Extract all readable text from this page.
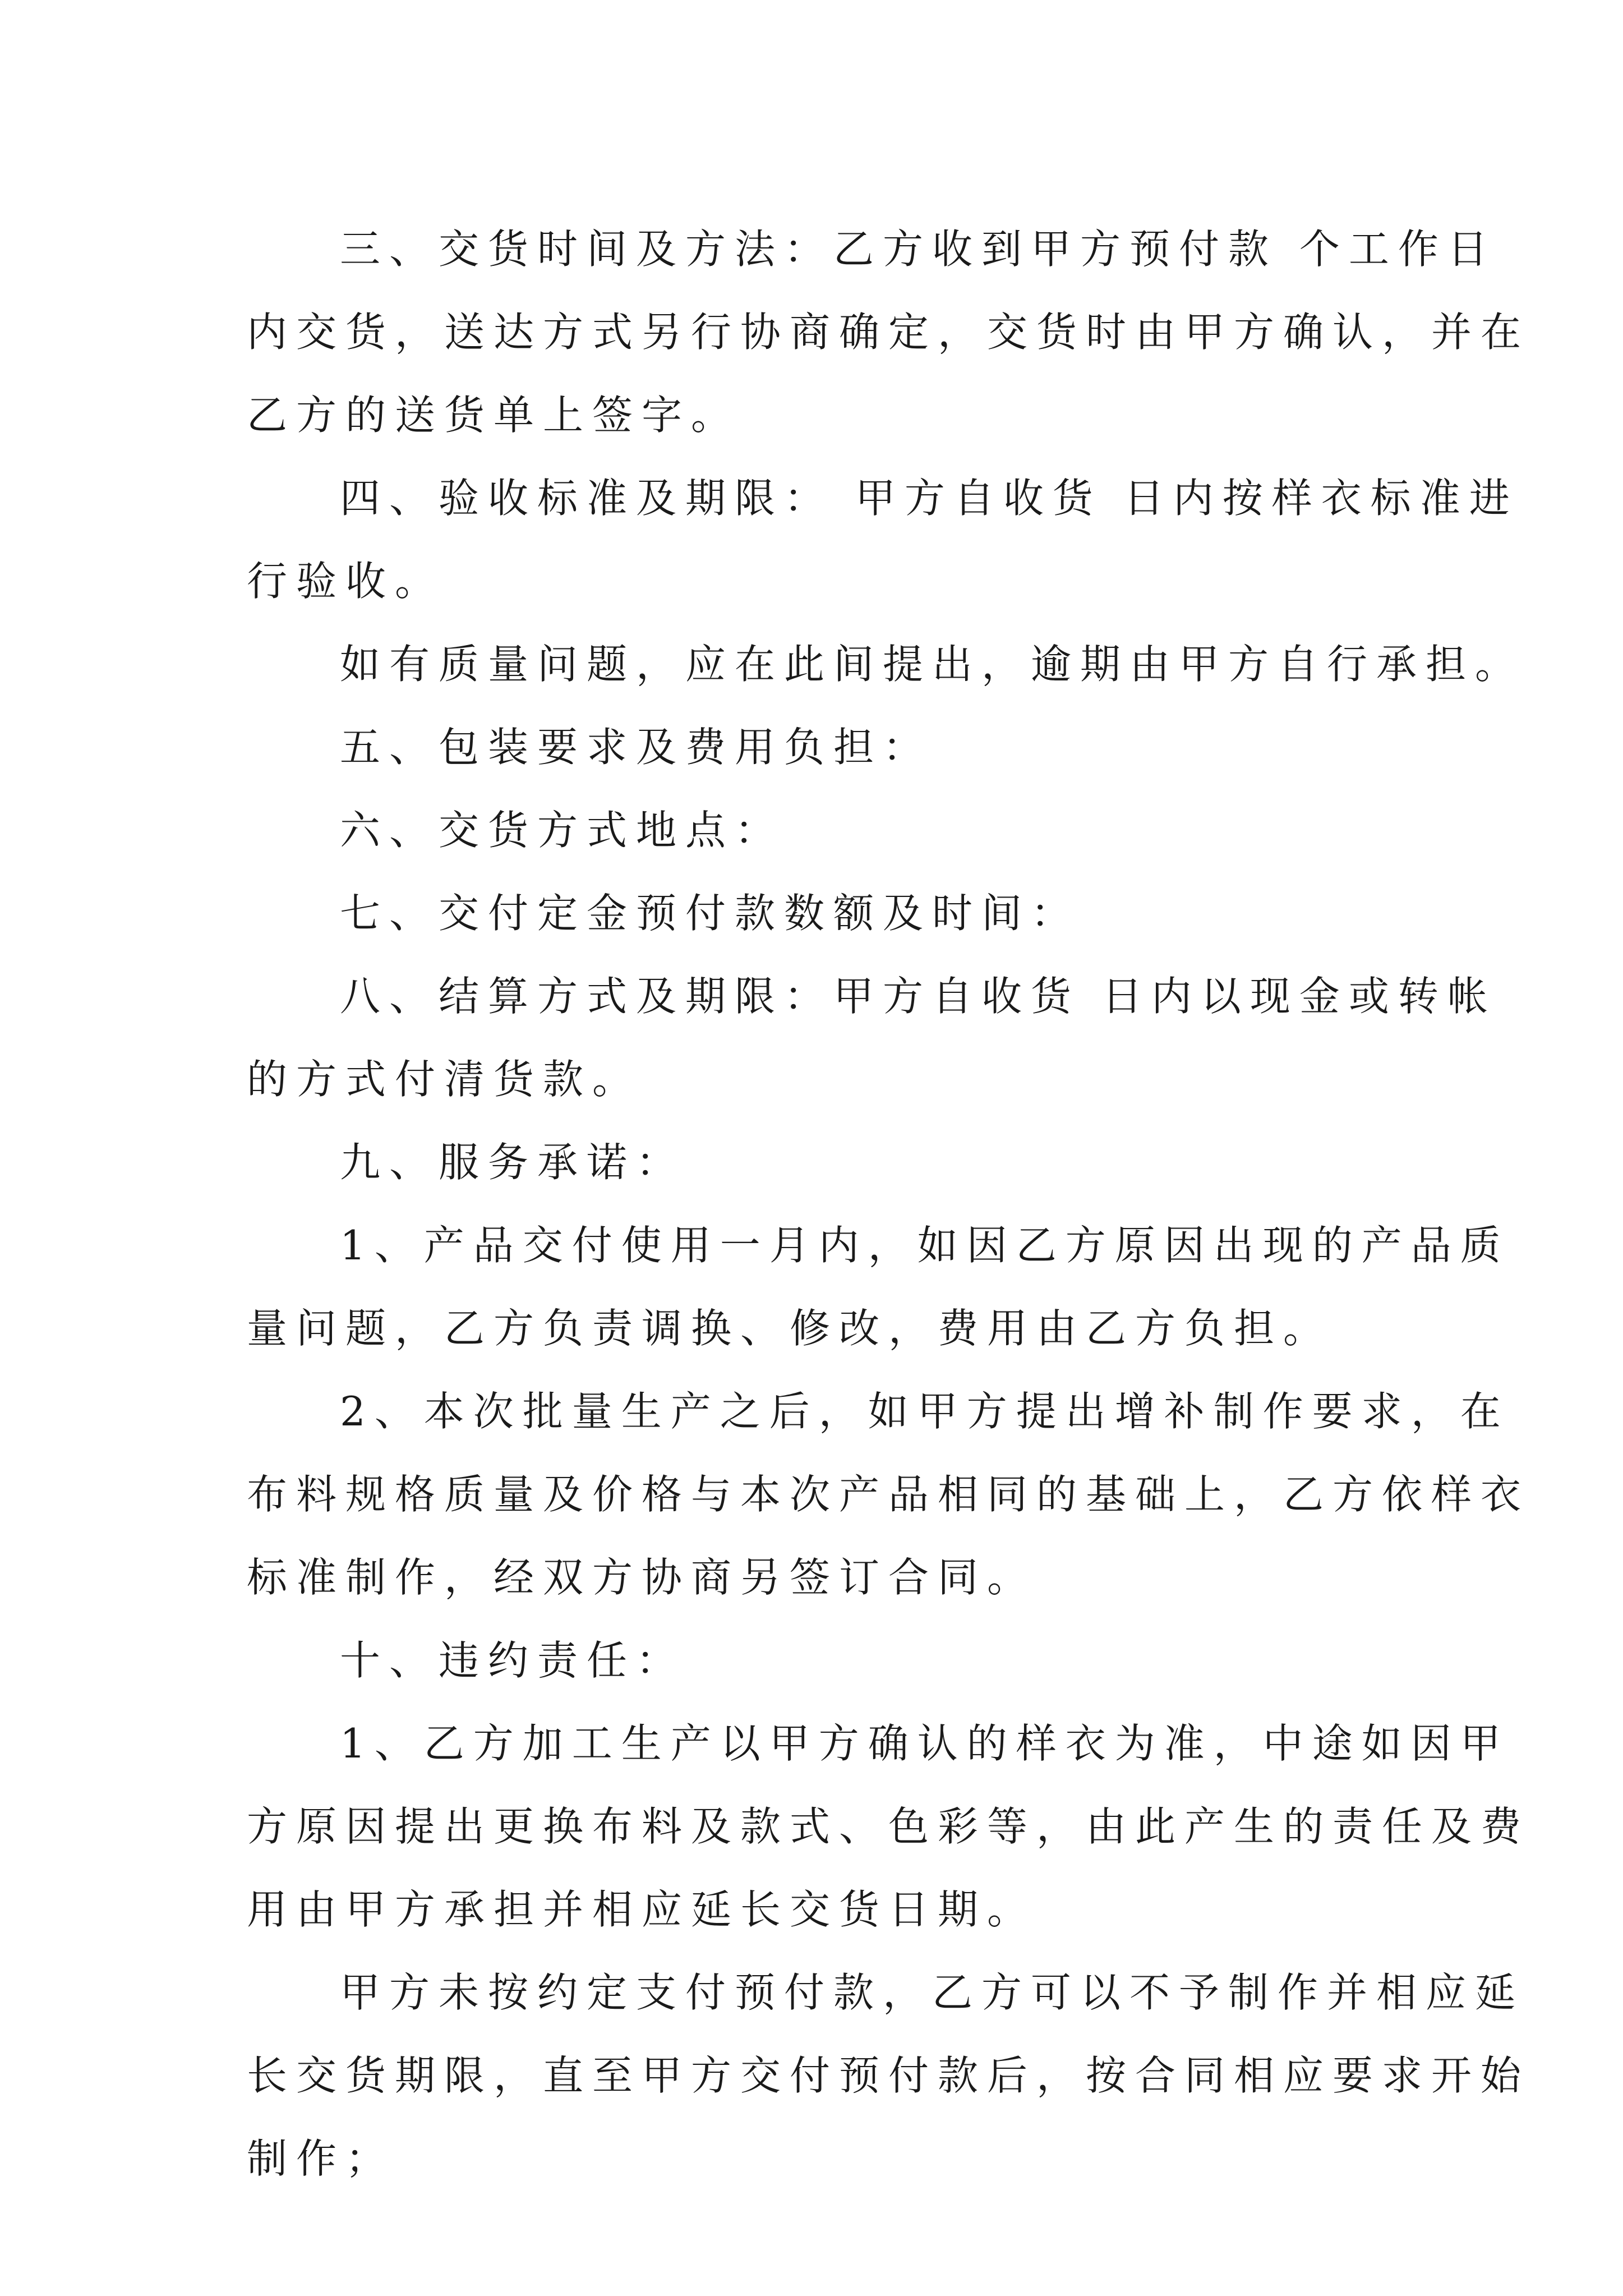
三、交货时间及方法：乙方收到甲方预付款 个工作日
内交货，送达方式另行协商确定，交货时由甲方确认，并在
乙方的送货单上签字。
四、验收标准及期限： 甲方自收货 日内按样衣标准进
行验收。
如有质量问题，应在此间提出，逾期由甲方自行承担。
五、包装要求及费用负担：
六、交货方式地点：
七、交付定金预付款数额及时间：
八、结算方式及期限：甲方自收货 日内以现金或转帐
的方式付清货款。
九、服务承诺：
1、产品交付使用一月内，如因乙方原因出现的产品质
量问题，乙方负责调换、修改，费用由乙方负担。
2、本次批量生产之后，如甲方提出增补制作要求，在
布料规格质量及价格与本次产品相同的基础上，乙方依样衣
标准制作，经双方协商另签订合同。
十、违约责任：
1、乙方加工生产以甲方确认的样衣为准，中途如因甲
方原因提出更换布料及款式、色彩等，由此产生的责任及费
用由甲方承担并相应延长交货日期。
甲方未按约定支付预付款，乙方可以不予制作并相应延
长交货期限，直至甲方交付预付款后，按合同相应要求开始
制作；
